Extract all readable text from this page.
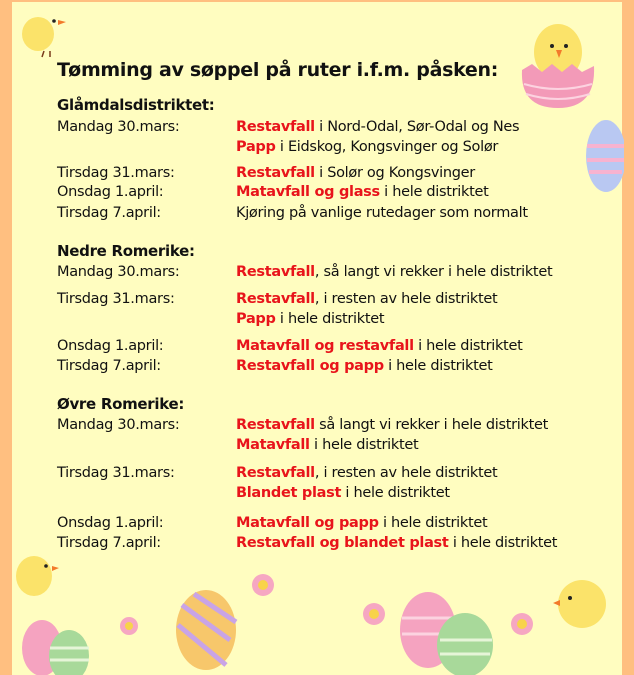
Tømming av søppel på ruter i.f.m. påsken:
Glåmdalsdistriktet:
Mandag 30.mars:	Restavfall i Nord-Odal, Sør-Odal og Nes
Papp i Eidskog, Kongsvinger og Solør
Tirsdag 31.mars:	Restavfall i Solør og Kongsvinger
Onsdag 1.april:	Matavfall og glass i hele distriktet
Tirsdag 7.april:	Kjøring på vanlige rutedager som normalt
Nedre Romerike:
Mandag 30.mars:	Restavfall, så langt vi rekker i hele distriktet
Tirsdag 31.mars:	Restavfall, i resten av hele distriktet
Papp i hele distriktet
Onsdag 1.april:	Matavfall og restavfall i hele distriktet
Tirsdag 7.april:	Restavfall og papp i hele distriktet
Øvre Romerike:
Mandag 30.mars:	Restavfall så langt vi rekker i hele distriktet
Matavfall i hele distriktet
Tirsdag 31.mars:	Restavfall, i resten av hele distriktet
Blandet plast i hele distriktet
Onsdag 1.april:	Matavfall og papp i hele distriktet
Tirsdag 7.april:	Restavfall og blandet plast i hele distriktet
